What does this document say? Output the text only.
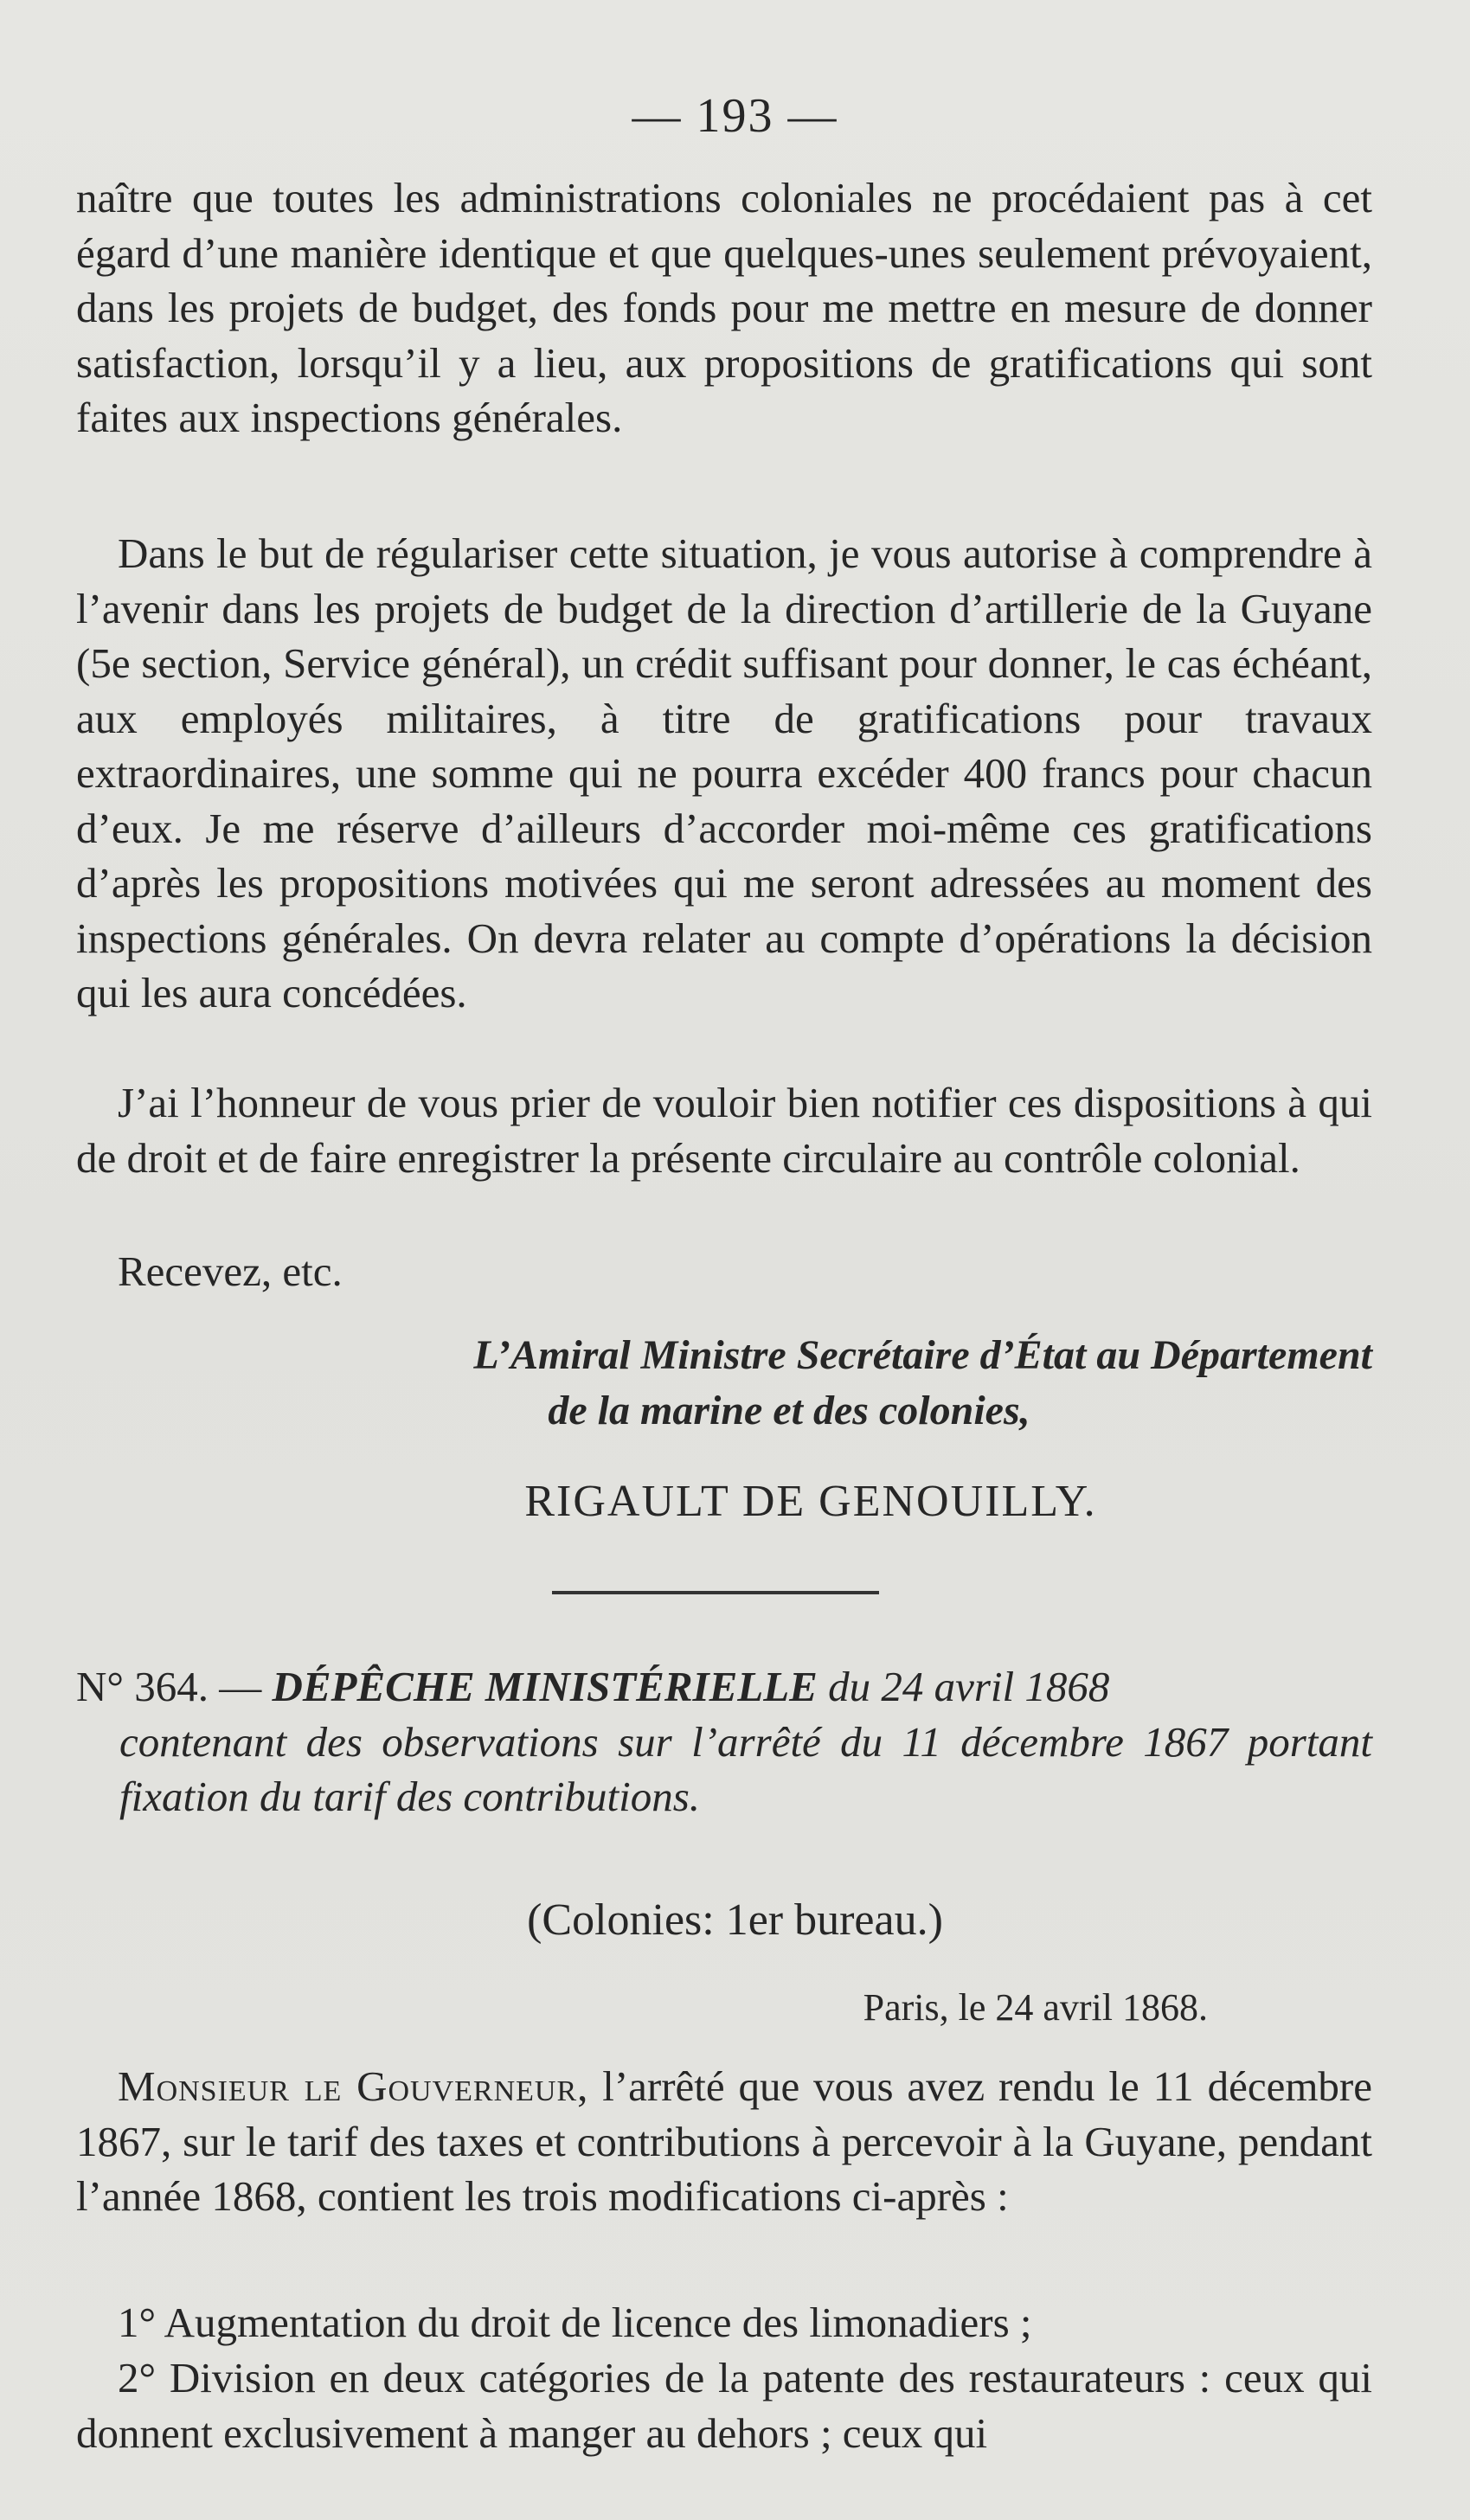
— 193 —
naître que toutes les administrations coloniales ne procédaient pas à cet égard d’une manière identique et que quelques-unes seulement prévoyaient, dans les projets de budget, des fonds pour me mettre en mesure de donner satisfaction, lorsqu’il y a lieu, aux propositions de gratifications qui sont faites aux inspections générales.
Dans le but de régulariser cette situation, je vous autorise à comprendre à l’avenir dans les projets de budget de la direction d’artillerie de la Guyane (5e section, Service général), un crédit suffisant pour donner, le cas échéant, aux employés militaires, à titre de gratifications pour travaux extraordinaires, une somme qui ne pourra excéder 400 francs pour chacun d’eux. Je me réserve d’ailleurs d’accorder moi-même ces gratifications d’après les propositions motivées qui me seront adressées au moment des inspections générales. On devra relater au compte d’opérations la décision qui les aura concédées.
J’ai l’honneur de vous prier de vouloir bien notifier ces dispositions à qui de droit et de faire enregistrer la présente circulaire au contrôle colonial.
Recevez, etc.
L’Amiral Ministre Secrétaire d’État au Département
de la marine et des colonies,
RIGAULT DE GENOUILLY.
N° 364. — DÉPÊCHE MINISTÉRIELLE du 24 avril 1868
contenant des observations sur l’arrêté du 11 décembre 1867 portant fixation du tarif des contributions.
(Colonies: 1er bureau.)
Paris, le 24 avril 1868.
Monsieur le Gouverneur, l’arrêté que vous avez rendu le 11 décembre 1867, sur le tarif des taxes et contributions à percevoir à la Guyane, pendant l’année 1868, contient les trois modifications ci-après :
1° Augmentation du droit de licence des limonadiers ;
2° Division en deux catégories de la patente des restaurateurs : ceux qui donnent exclusivement à manger au dehors ; ceux qui
